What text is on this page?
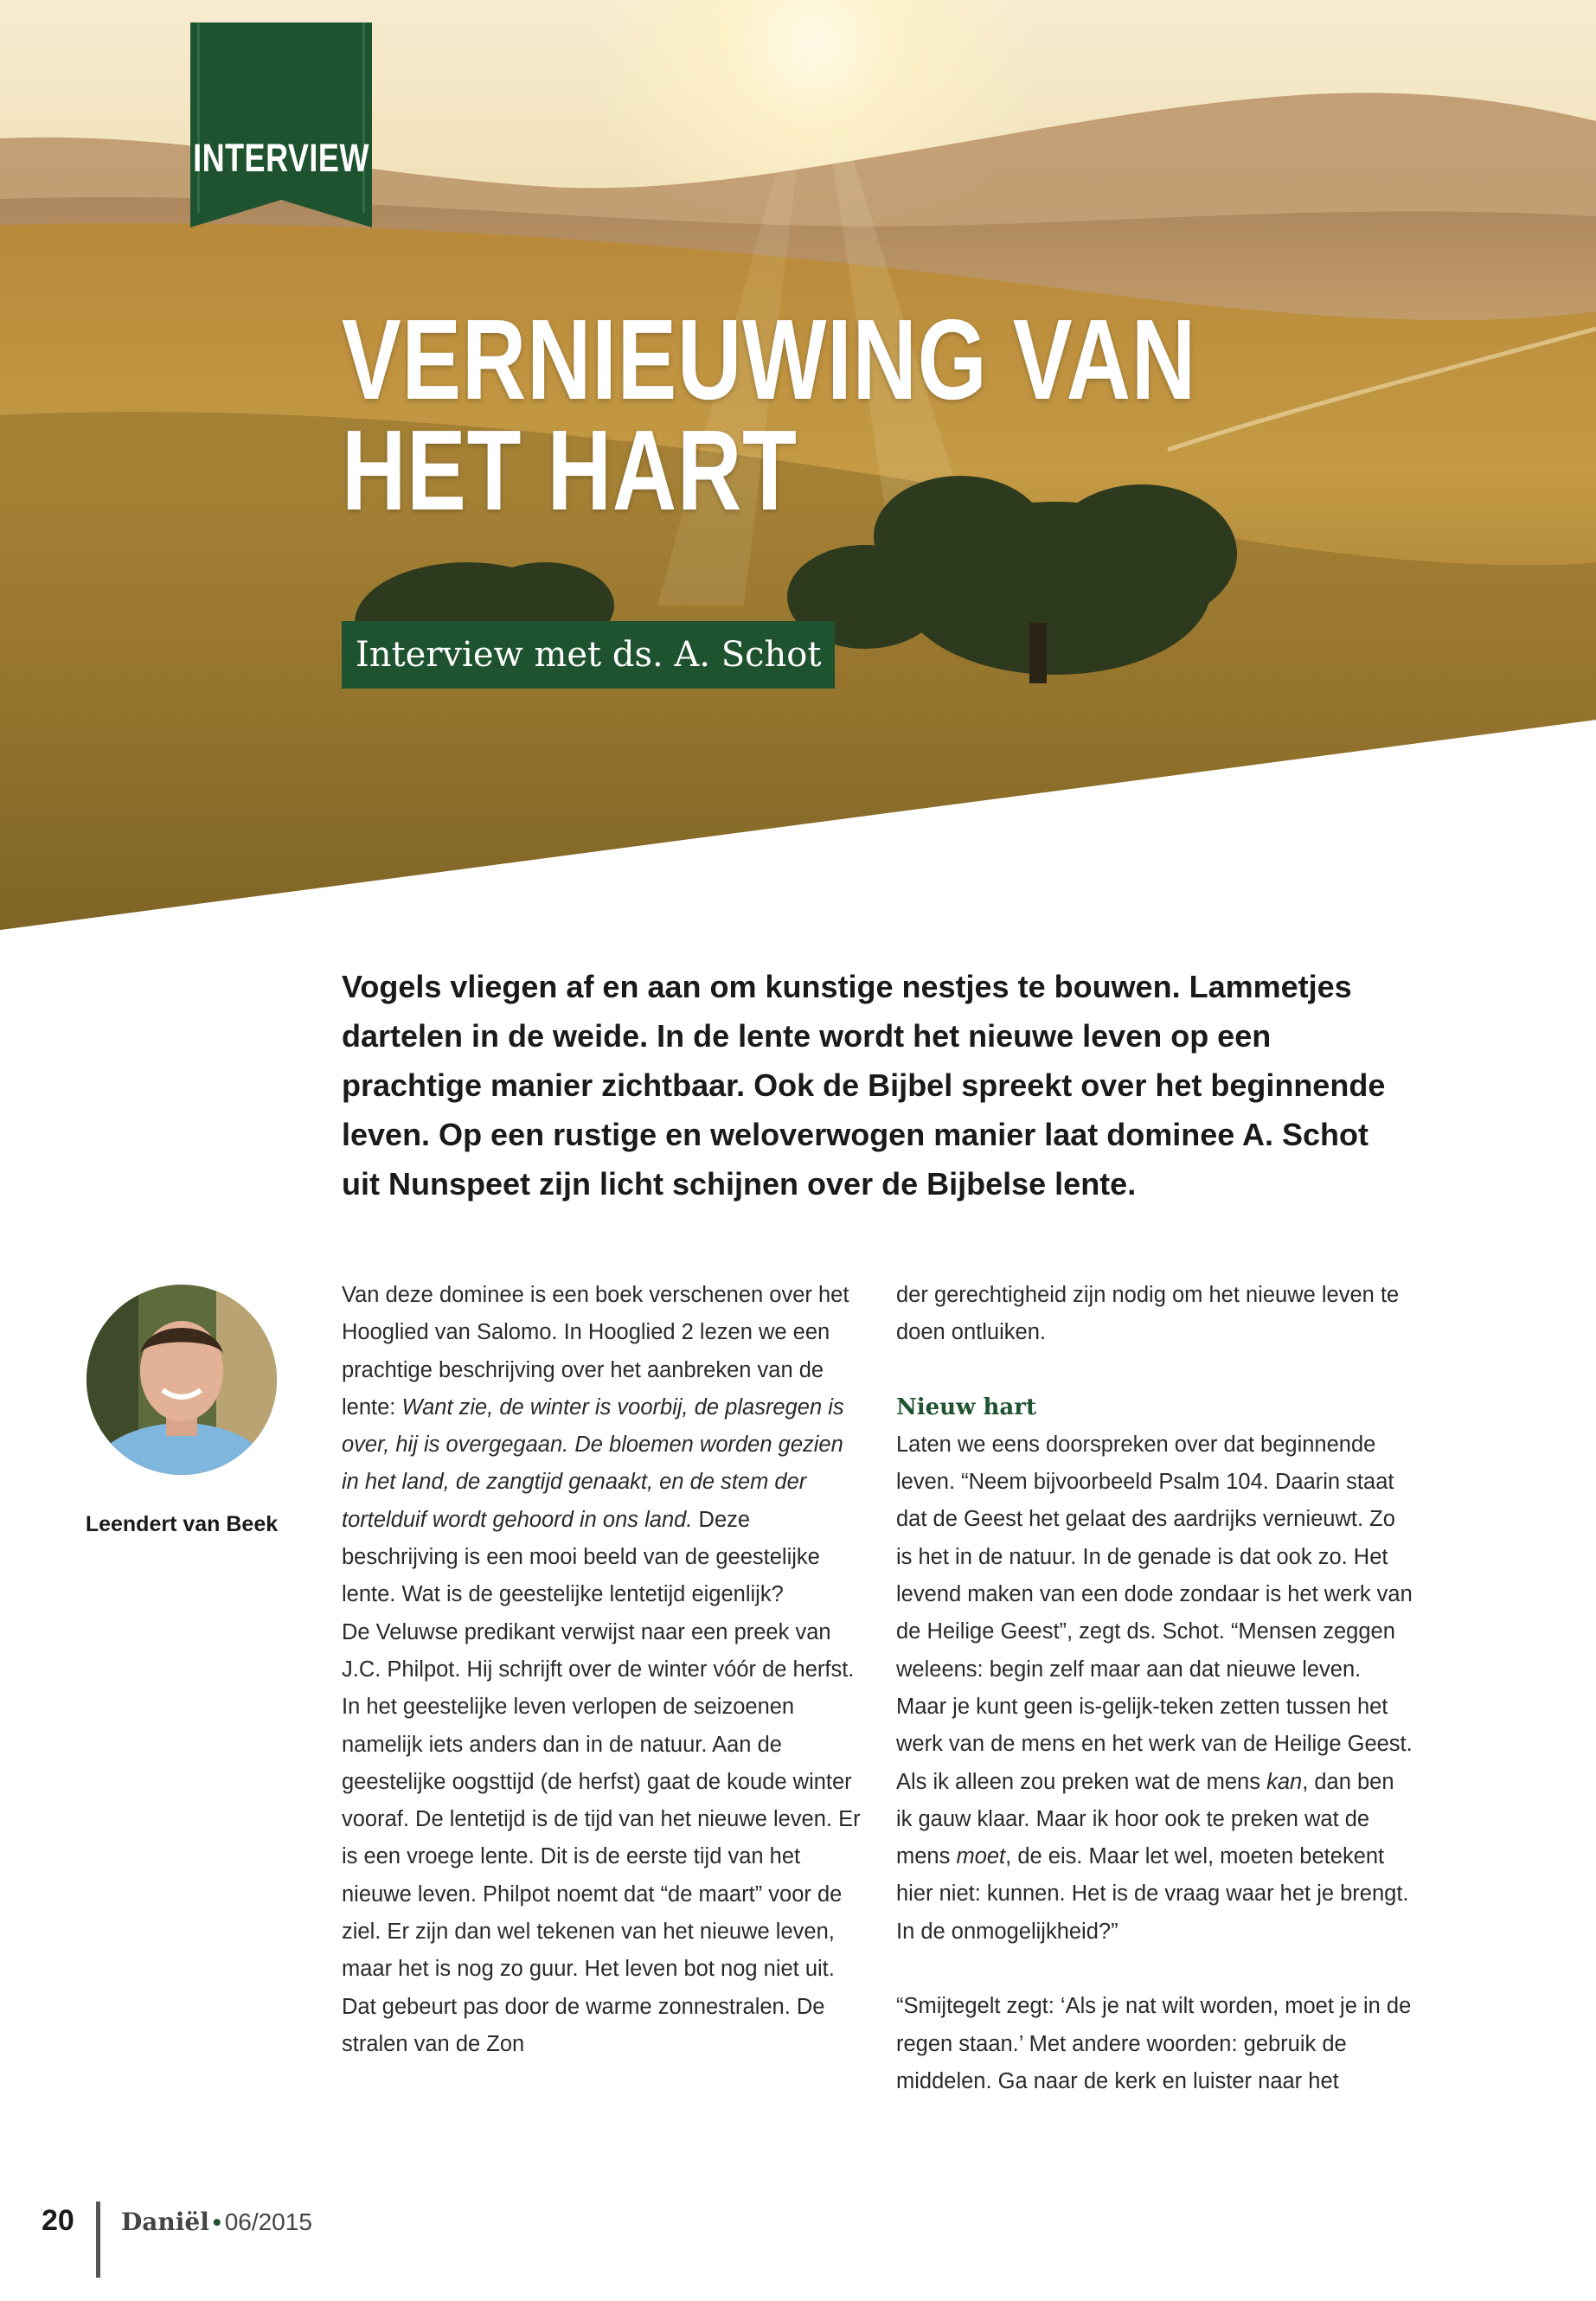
INTERVIEW
VERNIEUWING VAN
HET HART
Interview met ds. A. Schot

Vogels vliegen af en aan om kunstige nestjes te bouwen. Lammetjes dartelen in de weide. In de lente wordt het nieuwe leven op een prachtige manier zichtbaar. Ook de Bijbel spreekt over het beginnende leven. Op een rustige en weloverwogen manier laat dominee A. Schot uit Nunspeet zijn licht schijnen over de Bijbelse lente.

Leendert van Beek

Van deze dominee is een boek verschenen over het Hooglied van Salomo. In Hooglied 2 lezen we een prachtige beschrijving over het aanbreken van de lente: Want zie, de winter is voorbij, de plasregen is over, hij is overgegaan. De bloemen worden gezien in het land, de zangtijd genaakt, en de stem der tortelduif wordt gehoord in ons land. Deze beschrijving is een mooi beeld van de geestelijke lente. Wat is de geestelijke lentetijd eigenlijk?

De Veluwse predikant verwijst naar een preek van J.C. Philpot. Hij schrijft over de winter vóór de herfst. In het geestelijke leven verlopen de seizoenen namelijk iets anders dan in de natuur. Aan de geestelijke oogsttijd (de herfst) gaat de koude winter vooraf. De lentetijd is de tijd van het nieuwe leven. Er is een vroege lente. Dit is de eerste tijd van het nieuwe leven. Philpot noemt dat “de maart” voor de ziel. Er zijn dan wel tekenen van het nieuwe leven, maar het is nog zo guur. Het leven bot nog niet uit. Dat gebeurt pas door de warme zonnestralen. De stralen van de Zon

der gerechtigheid zijn nodig om het nieuwe leven te doen ontluiken.

Nieuw hart

Laten we eens doorspreken over dat beginnende leven. “Neem bijvoorbeeld Psalm 104. Daarin staat dat de Geest het gelaat des aardrijks vernieuwt. Zo is het in de natuur. In de genade is dat ook zo. Het levend maken van een dode zondaar is het werk van de Heilige Geest”, zegt ds. Schot. “Mensen zeggen weleens: begin zelf maar aan dat nieuwe leven. Maar je kunt geen is-gelijk-teken zetten tussen het werk van de mens en het werk van de Heilige Geest. Als ik alleen zou preken wat de mens kan, dan ben ik gauw klaar. Maar ik hoor ook te preken wat de mens moet, de eis. Maar let wel, moeten betekent hier niet: kunnen. Het is de vraag waar het je brengt. In de onmogelijkheid?”

“Smijtegelt zegt: ‘Als je nat wilt worden, moet je in de regen staan.’ Met andere woorden: gebruik de middelen. Ga naar de kerk en luister naar het

20 Daniël • 06/2015
